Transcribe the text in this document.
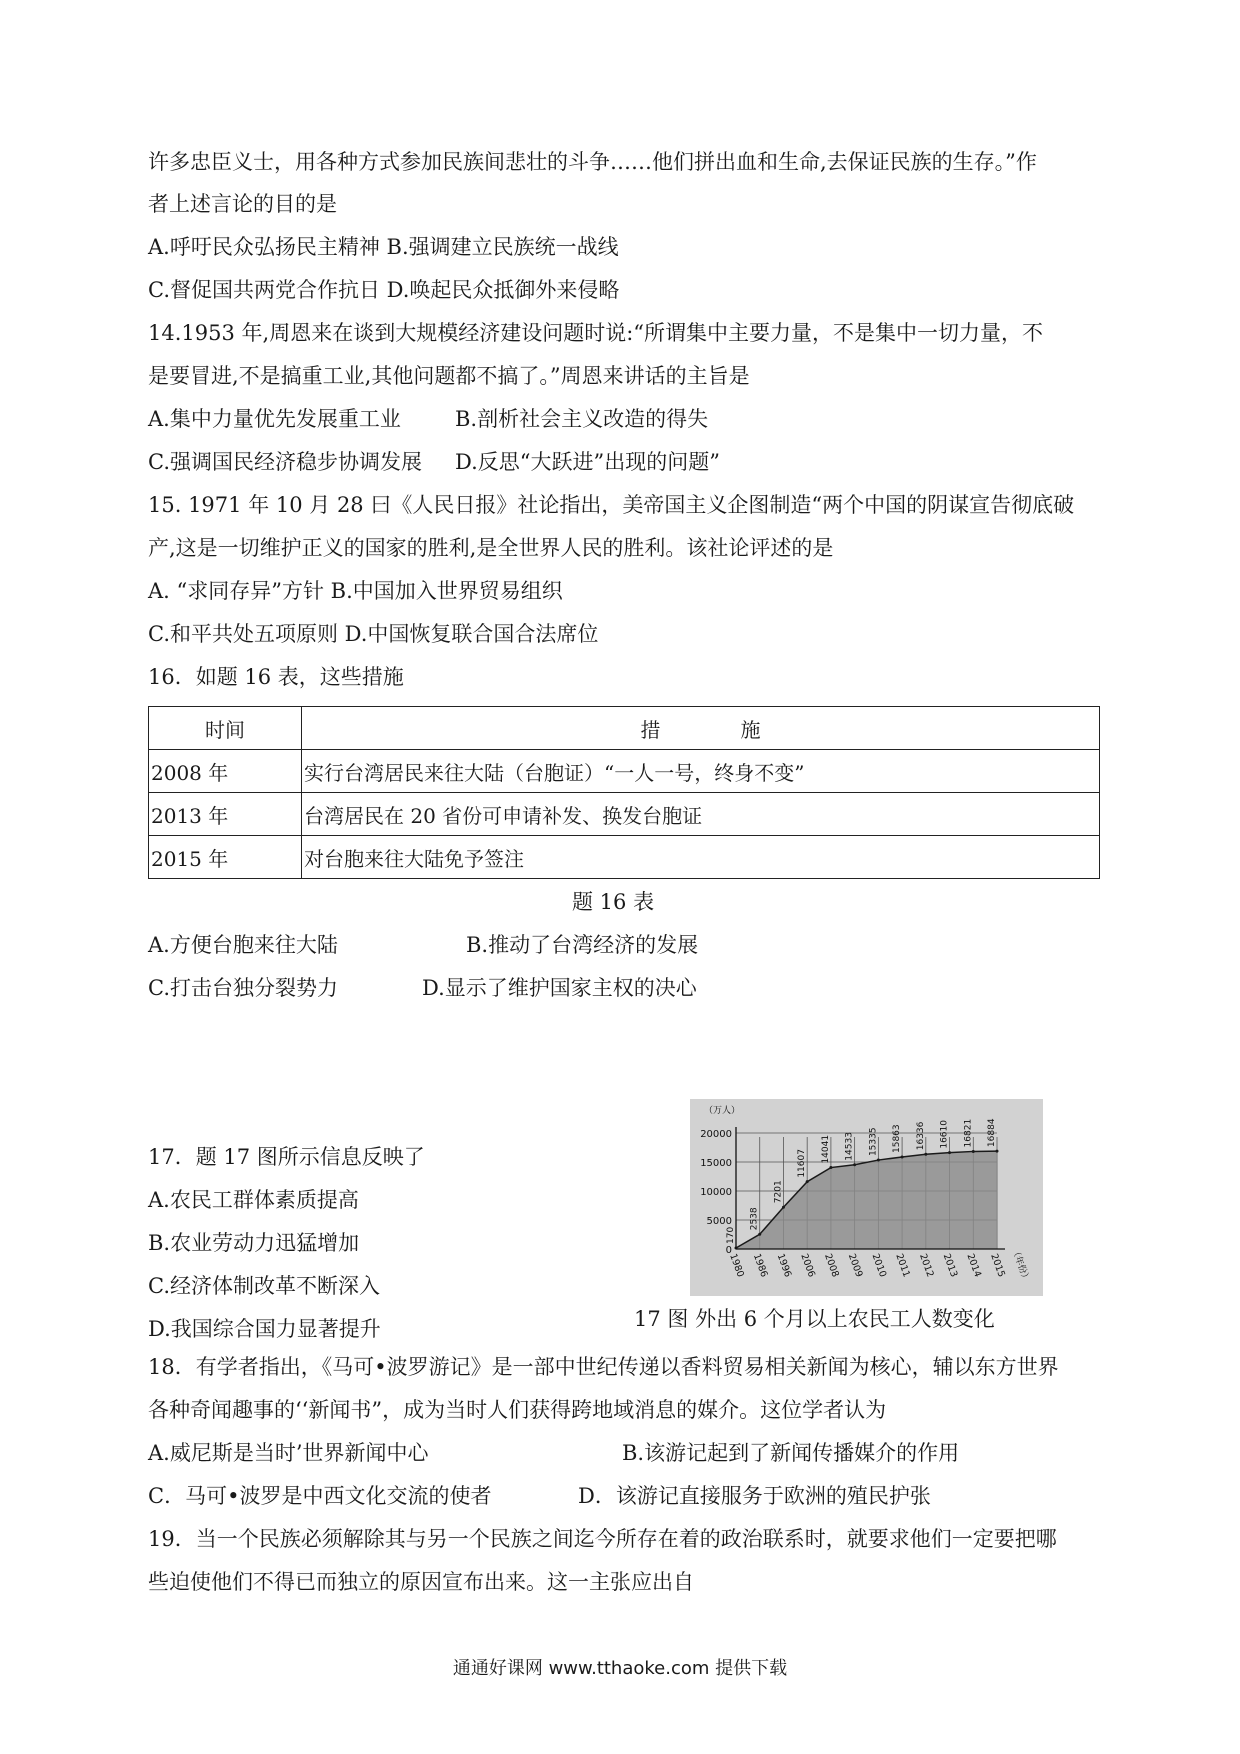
许多忠臣义士，用各种方式参加民族间悲壮的斗争……他们拼出血和生命,去保证民族的生存。”作
者上述言论的目的是
A.呼吁民众弘扬民主精神 B.强调建立民族统一战线
C.督促国共两党合作抗日 D.唤起民众抵御外来侵略
14.1953 年,周恩来在谈到大规模经济建设问题时说:“所谓集中主要力量，不是集中一切力量，不
是要冒进,不是搞重工业,其他问题都不搞了。”周恩来讲话的主旨是
A.集中力量优先发展重工业	B.剖析社会主义改造的得失
C.强调国民经济稳步协调发展 D.反思“大跃进”出现的问题”
15. 1971 年 10 月 28 曰《人民日报》社论指出，美帝国主义企图制造“两个中国的阴谋宣告彻底破
产,这是一切维护正义的国家的胜利,是全世界人民的胜利。该社论评述的是
A. “求同存异”方针 B.中国加入世界贸易组织
C.和平共处五项原则 D.中国恢复联合国合法席位
16．如题 16 表，这些措施
时间	措　　　　施
2008 年	实行台湾居民来往大陆（台胞证）“一人一号，终身不变”
2013 年	台湾居民在 20 省份可申请补发、换发台胞证
2015 年	对台胞来往大陆免予签注
题 16 表
A.方便台胞来往大陆	B.推动了台湾经济的发展
C.打击台独分裂势力	D.显示了维护国家主权的决心
17．题 17 图所示信息反映了
A.农民工群体素质提高
B.农业劳动力迅猛增加
C.经济体制改革不断深入
D.我国综合国力显著提升
20000
15000
10000
5000
0
（万人）
（年份）
1980 1986 1996 2006 2008 2009 2010 2011 2012 2013 2014 2015
170
2538
7201
11607 14041 14533 15335 15863 16336 16610 16821 16884
17 图 外出 6 个月以上农民工人数变化
18．有学者指出，《马可•波罗游记》是一部中世纪传递以香料贸易相关新闻为核心，辅以东方世界
各种奇闻趣事的‘‘新闻书”，成为当时人们获得跨地域消息的媒介。这位学者认为
A.威尼斯是当时’世界新闻中心	B.该游记起到了新闻传播媒介的作用
C．马可•波罗是中西文化交流的使者	D．该游记直接服务于欧洲的殖民护张
19．当一个民族必须解除其与另一个民族之间迄今所存在着的政治联系时，就要求他们一定要把哪
些迫使他们不得已而独立的原因宣布出来。这一主张应出自
通通好课网 www.tthaoke.com 提供下载
